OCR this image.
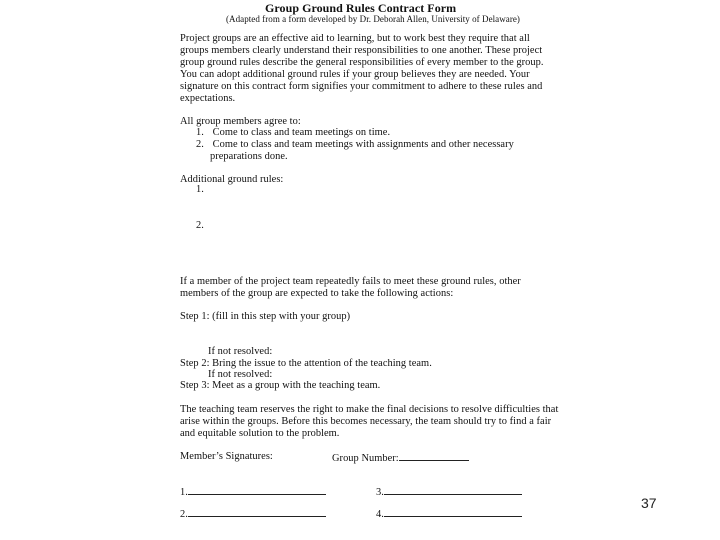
Group Ground Rules Contract Form
(Adapted from a form developed by Dr. Deborah Allen, University of Delaware)
Project groups are an effective aid to learning, but to work best they require that all
groups members clearly understand their responsibilities to one another. These project
group ground rules describe the general responsibilities of every member to the group.
You can adopt additional ground rules if your group believes they are needed. Your
signature on this contract form signifies your commitment to adhere to these rules and
expectations.
All group members agree to:
1. Come to class and team meetings on time.
2. Come to class and team meetings with assignments and other necessary
preparations done.
Additional ground rules:
1.
2.
If a member of the project team repeatedly fails to meet these ground rules, other
members of the group are expected to take the following actions:
Step 1: (fill in this step with your group)
If not resolved:
Step 2: Bring the issue to the attention of the teaching team.
If not resolved:
Step 3: Meet as a group with the teaching team.
The teaching team reserves the right to make the final decisions to resolve difficulties that
arise within the groups. Before this becomes necessary, the team should try to find a fair
and equitable solution to the problem.
Member’s Signatures:	Group Number:
1.	3.
2.	4.
37
